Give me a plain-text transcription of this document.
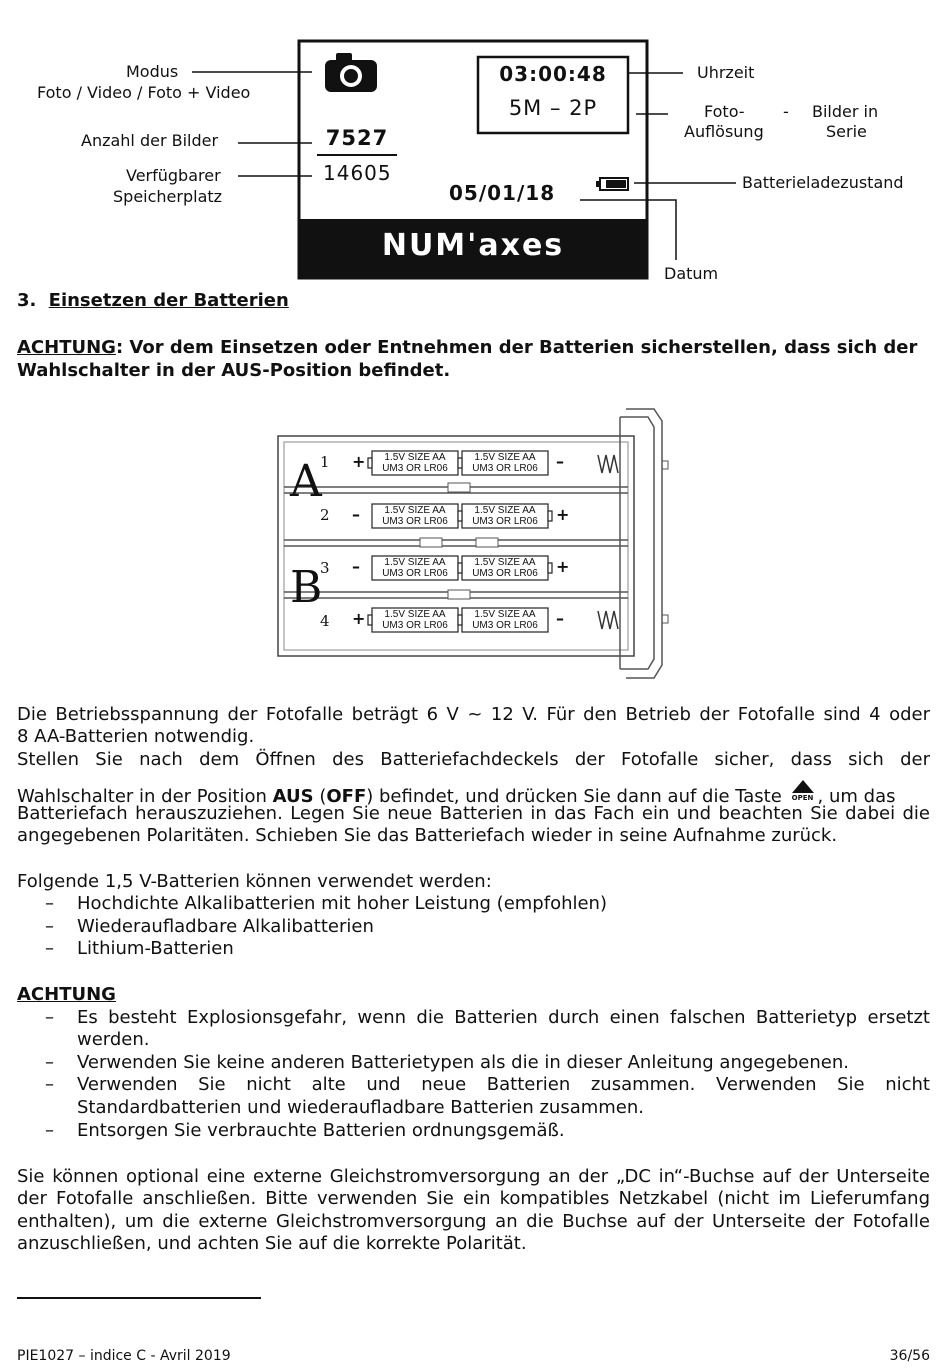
Modus
Foto / Video / Foto + Video
Anzahl der Bilder
Verfügbarer
Speicherplatz
03:00:48
5M – 2P
7527
14605
05/01/18
NUM'axes
Uhrzeit
Foto- -
Auflösung
Bilder in
Serie
Batterieladezustand
Datum
3. Einsetzen der Batterien
ACHTUNG: Vor dem Einsetzen oder Entnehmen der Batterien sicherstellen, dass sich der Wahlschalter in der AUS-Position befindet.
1.5V SIZE AA
UM3 OR LR06
1.5V SIZE AA
UM3 OR LR06
1.5V SIZE AA
UM3 OR LR06
1.5V SIZE AA
UM3 OR LR06
1.5V SIZE AA
UM3 OR LR06
1.5V SIZE AA
UM3 OR LR06
1.5V SIZE AA
UM3 OR LR06
1.5V SIZE AA
UM3 OR LR06
A
B
1
2
3
4
+	–
–	+
–	+
+	–
Die Betriebsspannung der Fotofalle beträgt 6 V ~ 12 V. Für den Betrieb der Fotofalle sind 4 oder
8 AA-Batterien notwendig.
Stellen Sie nach dem Öffnen des Batteriefachdeckels der Fotofalle sicher, dass sich der
Wahlschalter in der Position AUS (OFF) befindet, und drücken Sie dann auf die Taste OPEN , um das
Batteriefach herauszuziehen. Legen Sie neue Batterien in das Fach ein und beachten Sie dabei die
angegebenen Polaritäten. Schieben Sie das Batteriefach wieder in seine Aufnahme zurück.
Folgende 1,5 V-Batterien können verwendet werden:
– Hochdichte Alkalibatterien mit hoher Leistung (empfohlen)
– Wiederaufladbare Alkalibatterien
– Lithium-Batterien
ACHTUNG
– Es besteht Explosionsgefahr, wenn die Batterien durch einen falschen Batterietyp ersetzt
werden.
– Verwenden Sie keine anderen Batterietypen als die in dieser Anleitung angegebenen.
– Verwenden Sie nicht alte und neue Batterien zusammen. Verwenden Sie nicht
Standardbatterien und wiederaufladbare Batterien zusammen.
– Entsorgen Sie verbrauchte Batterien ordnungsgemäß.
Sie können optional eine externe Gleichstromversorgung an der „DC in“-Buchse auf der Unterseite
der Fotofalle anschließen. Bitte verwenden Sie ein kompatibles Netzkabel (nicht im Lieferumfang
enthalten), um die externe Gleichstromversorgung an die Buchse auf der Unterseite der Fotofalle
anzuschließen, und achten Sie auf die korrekte Polarität.
PIE1027 – indice C - Avril 2019	36/56
